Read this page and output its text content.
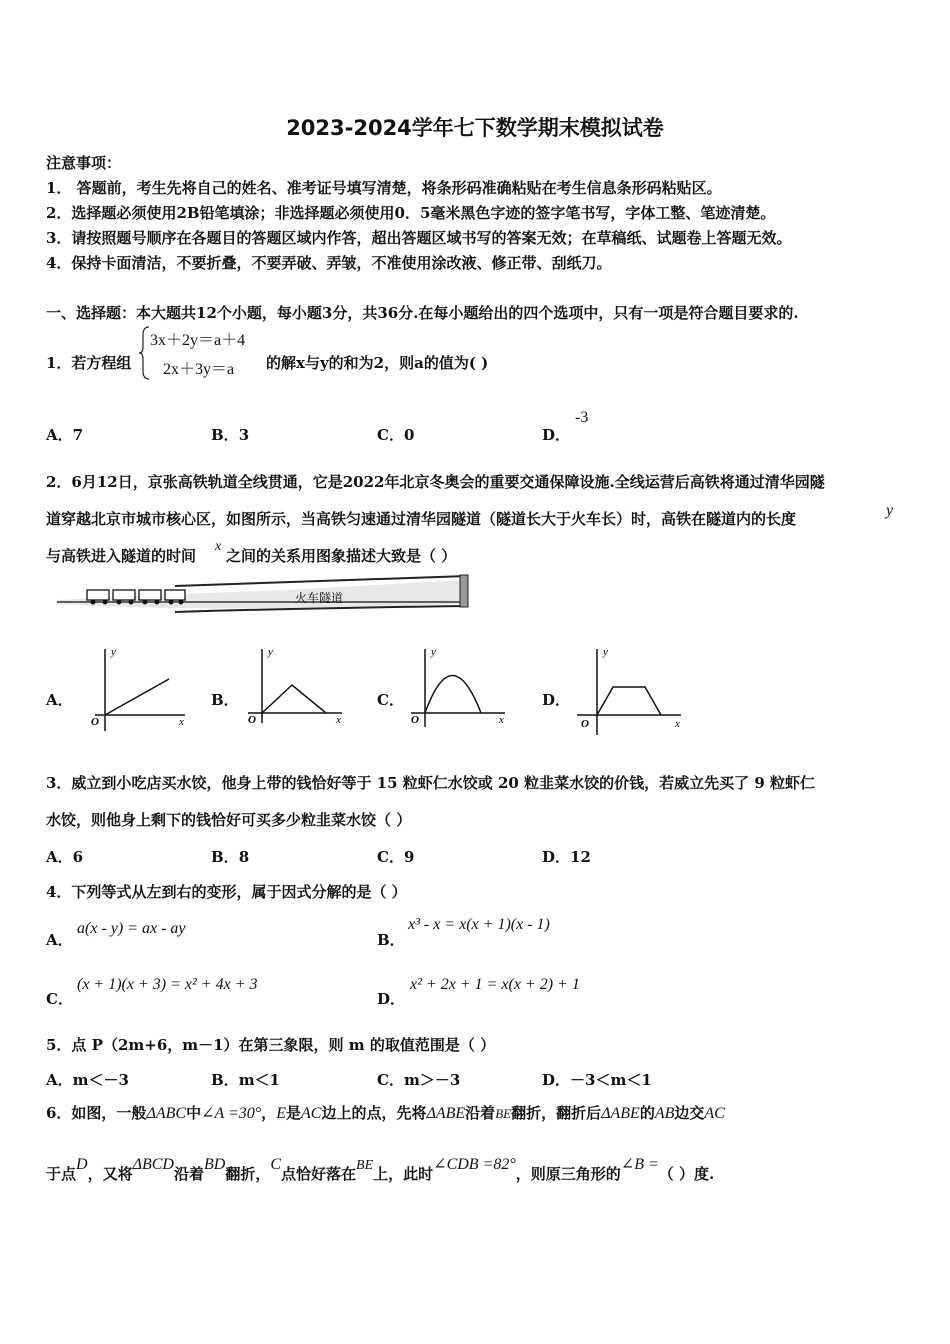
2023-2024学年七下数学期末模拟试卷
注意事项：
1． 答题前，考生先将自己的姓名、准考证号填写清楚，将条形码准确粘贴在考生信息条形码粘贴区。
2．选择题必须使用2B铅笔填涂；非选择题必须使用0．5毫米黑色字迹的签字笔书写，字体工整、笔迹清楚。
3．请按照题号顺序在各题目的答题区域内作答，超出答题区域书写的答案无效；在草稿纸、试题卷上答题无效。
4．保持卡面清洁，不要折叠，不要弄破、弄皱，不准使用涂改液、修正带、刮纸刀。
一、选择题：本大题共12个小题，每小题3分，共36分.在每小题给出的四个选项中，只有一项是符合题目要求的.
1．若方程组
3x＋2y＝a＋4
2x＋3y＝a 的解x与y的和为2，则a的值为( )
A．7	B．3	C．0	D．
-3
2．6月12日，京张高铁轨道全线贯通，它是2022年北京冬奥会的重要交通保障设施.全线运营后高铁将通过清华园隧
道穿越北京市城市核心区，如图所示，当高铁匀速通过清华园隧道（隧道长大于火车长）时，高铁在隧道内的长度	y
与高铁进入隧道的时间
x
之间的关系用图象描述大致是（ ）
火车隧道
A．
y
x
O
B．
y
x
O
C．
y
x
O
D．
y
x
O
3．威立到小吃店买水饺，他身上带的钱恰好等于 15 粒虾仁水饺或 20 粒韭菜水饺的价钱，若威立先买了 9 粒虾仁
水饺，则他身上剩下的钱恰好可买多少粒韭菜水饺（ ）
A．6	B．8	C．9	D．12
4．下列等式从左到右的变形，属于因式分解的是（ ）
A．
a(x - y) = ax - ay
B．
x³ - x = x(x + 1)(x - 1)
C．
(x + 1)(x + 3) = x² + 4x + 3
D．
x² + 2x + 1 = x(x + 2) + 1
5．点 P（2m+6，m－1）在第三象限，则 m 的取值范围是（ ）
A．m＜－3	B．m＜1	C．m＞－3	D．－3＜m＜1
6．如图，一般ΔABC中∠A =30°，E是AC边上的点，先将ΔABE沿着BE翻折，翻折后ΔABE的AB边交AC
于点D，又将ΔBCD沿着BD翻折，C点恰好落在BE上，此时∠CDB =82°，则原三角形的∠B =（ ）度.
